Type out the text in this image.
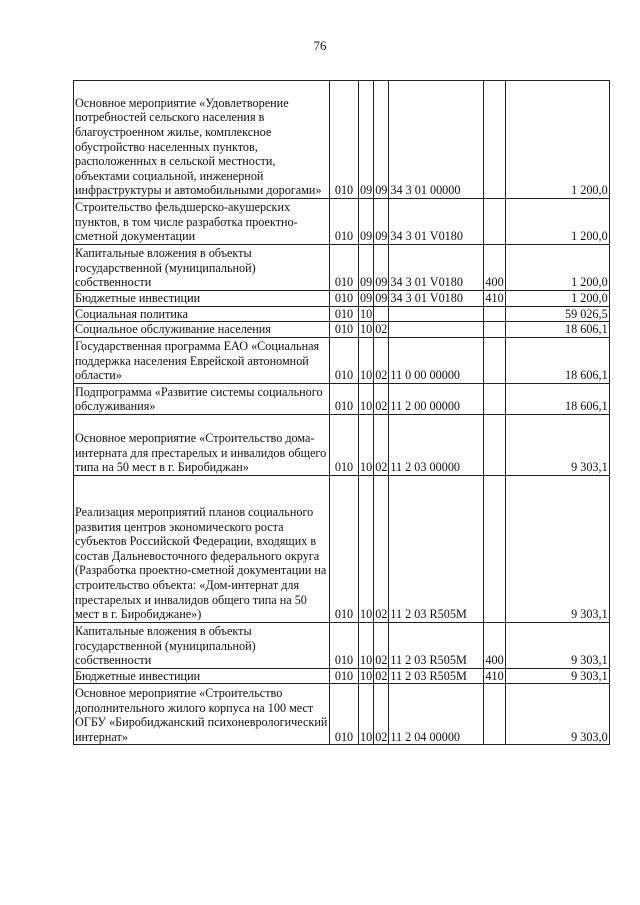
76
Основное мероприятие «Удовлетворение потребностей сельского населения в благоустроенном жилье, комплексное обустройство населенных пунктов, расположенных в сельской местности, объектами социальной, инженерной инфраструктуры и автомобильными дорогами»	010	09	09	34 3 01 00000		1 200,0
Строительство фельдшерско-акушерских пунктов, в том числе разработка проектно-сметной документации	010	09	09	34 3 01 V0180		1 200,0
Капитальные вложения в объекты государственной (муниципальной) собственности	010	09	09	34 3 01 V0180	400	1 200,0
Бюджетные инвестиции	010	09	09	34 3 01 V0180	410	1 200,0
Социальная политика	010	10				59 026,5
Социальное обслуживание населения	010	10	02			18 606,1
Государственная программа ЕАО «Социальная поддержка населения Еврейской автономной области»	010	10	02	11 0 00 00000		18 606,1
Подпрограмма «Развитие системы социального обслуживания»	010	10	02	11 2 00 00000		18 606,1
Основное мероприятие «Строительство дома-интерната для престарелых и инвалидов общего типа на 50 мест в г. Биробиджан»	010	10	02	11 2 03 00000		9 303,1
Реализация мероприятий планов социального развития центров экономического роста субъектов Российской Федерации, входящих в состав Дальневосточного федерального округа (Разработка проектно-сметной документации на строительство объекта: «Дом-интернат для престарелых и инвалидов общего типа на 50 мест в г. Биробиджане»)	010	10	02	11 2 03 R505M		9 303,1
Капитальные вложения в объекты государственной (муниципальной) собственности	010	10	02	11 2 03 R505M	400	9 303,1
Бюджетные инвестиции	010	10	02	11 2 03 R505M	410	9 303,1
Основное мероприятие «Строительство дополнительного жилого корпуса на 100 мест ОГБУ «Биробиджанский психоневрологический интернат»	010	10	02	11 2 04 00000		9 303,0
